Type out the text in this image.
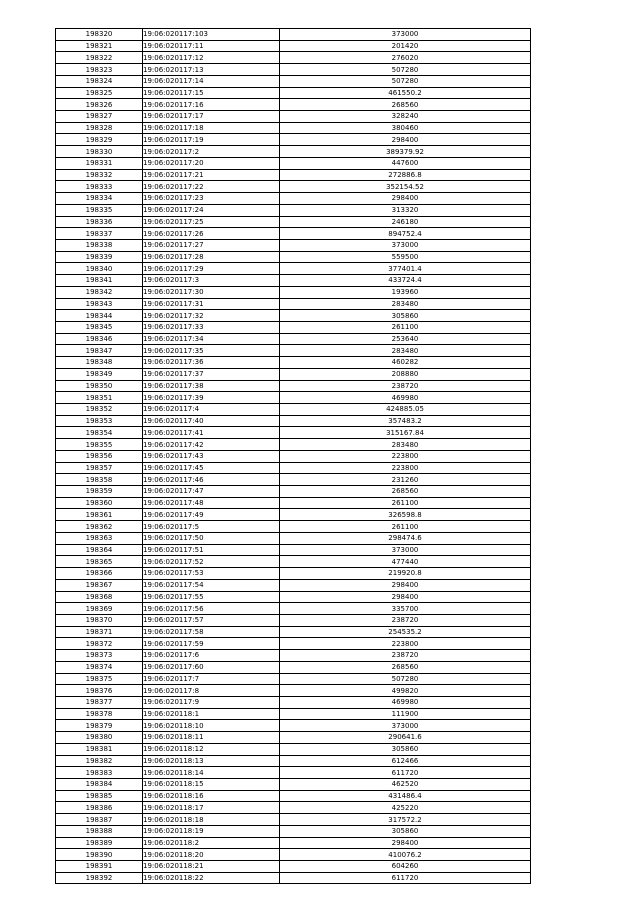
198320	19:06:020117:103	373000
198321	19:06:020117:11	201420
198322	19:06:020117:12	276020
198323	19:06:020117:13	507280
198324	19:06:020117:14	507280
198325	19:06:020117:15	461550.2
198326	19:06:020117:16	268560
198327	19:06:020117:17	328240
198328	19:06:020117:18	380460
198329	19:06:020117:19	298400
198330	19:06:020117:2	389379.92
198331	19:06:020117:20	447600
198332	19:06:020117:21	272886.8
198333	19:06:020117:22	352154.52
198334	19:06:020117:23	298400
198335	19:06:020117:24	313320
198336	19:06:020117:25	246180
198337	19:06:020117:26	894752.4
198338	19:06:020117:27	373000
198339	19:06:020117:28	559500
198340	19:06:020117:29	377401.4
198341	19:06:020117:3	433724.4
198342	19:06:020117:30	193960
198343	19:06:020117:31	283480
198344	19:06:020117:32	305860
198345	19:06:020117:33	261100
198346	19:06:020117:34	253640
198347	19:06:020117:35	283480
198348	19:06:020117:36	460282
198349	19:06:020117:37	208880
198350	19:06:020117:38	238720
198351	19:06:020117:39	469980
198352	19:06:020117:4	424885.05
198353	19:06:020117:40	357483.2
198354	19:06:020117:41	315167.84
198355	19:06:020117:42	283480
198356	19:06:020117:43	223800
198357	19:06:020117:45	223800
198358	19:06:020117:46	231260
198359	19:06:020117:47	268560
198360	19:06:020117:48	261100
198361	19:06:020117:49	326598.8
198362	19:06:020117:5	261100
198363	19:06:020117:50	298474.6
198364	19:06:020117:51	373000
198365	19:06:020117:52	477440
198366	19:06:020117:53	219920.8
198367	19:06:020117:54	298400
198368	19:06:020117:55	298400
198369	19:06:020117:56	335700
198370	19:06:020117:57	238720
198371	19:06:020117:58	254535.2
198372	19:06:020117:59	223800
198373	19:06:020117:6	238720
198374	19:06:020117:60	268560
198375	19:06:020117:7	507280
198376	19:06:020117:8	499820
198377	19:06:020117:9	469980
198378	19:06:020118:1	111900
198379	19:06:020118:10	373000
198380	19:06:020118:11	290641.6
198381	19:06:020118:12	305860
198382	19:06:020118:13	612466
198383	19:06:020118:14	611720
198384	19:06:020118:15	462520
198385	19:06:020118:16	431486.4
198386	19:06:020118:17	425220
198387	19:06:020118:18	317572.2
198388	19:06:020118:19	305860
198389	19:06:020118:2	298400
198390	19:06:020118:20	410076.2
198391	19:06:020118:21	604260
198392	19:06:020118:22	611720
